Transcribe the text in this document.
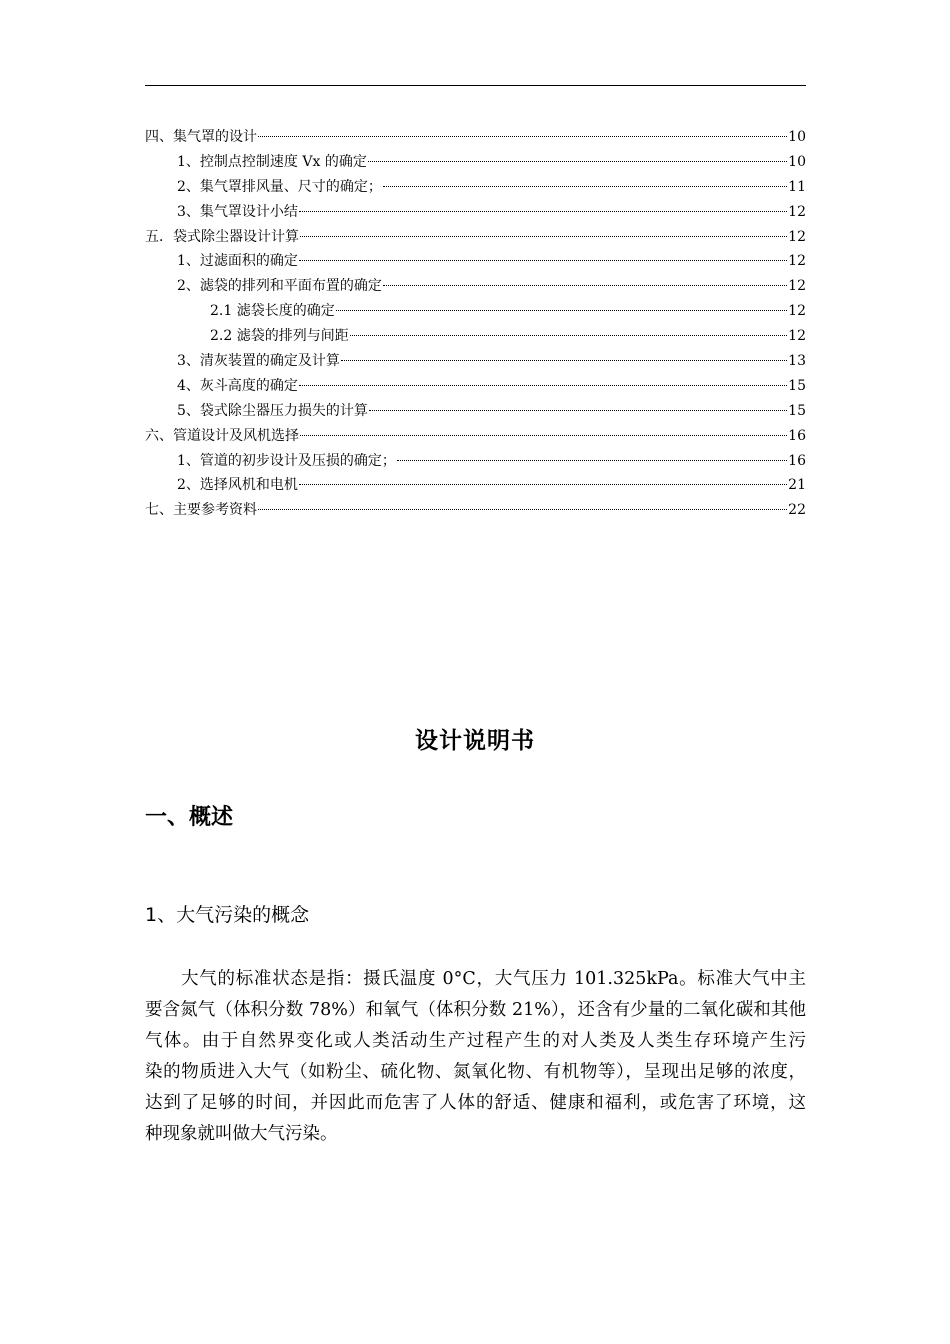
四、集气罩的设计	10
1、控制点控制速度 Vx 的确定	10
2、集气罩排风量、尺寸的确定；	11
3、集气罩设计小结	12
五．袋式除尘器设计计算	12
1、过滤面积的确定	12
2、滤袋的排列和平面布置的确定	12
2.1 滤袋长度的确定	12
2.2 滤袋的排列与间距	12
3、清灰装置的确定及计算	13
4、灰斗高度的确定	15
5、袋式除尘器压力损失的计算	15
六、管道设计及风机选择	16
1、管道的初步设计及压损的确定；	16
2、选择风机和电机	21
七、主要参考资料	22
设计说明书
一、概述
1、大气污染的概念
大气的标准状态是指：摄氏温度 0°C，大气压力 101.325kPa。标准大气中主
要含氮气（体积分数 78%）和氧气（体积分数 21%），还含有少量的二氧化碳和其他
气体。由于自然界变化或人类活动生产过程产生的对人类及人类生存环境产生污
染的物质进入大气（如粉尘、硫化物、氮氧化物、有机物等），呈现出足够的浓度，
达到了足够的时间，并因此而危害了人体的舒适、健康和福利，或危害了环境，这
种现象就叫做大气污染。
